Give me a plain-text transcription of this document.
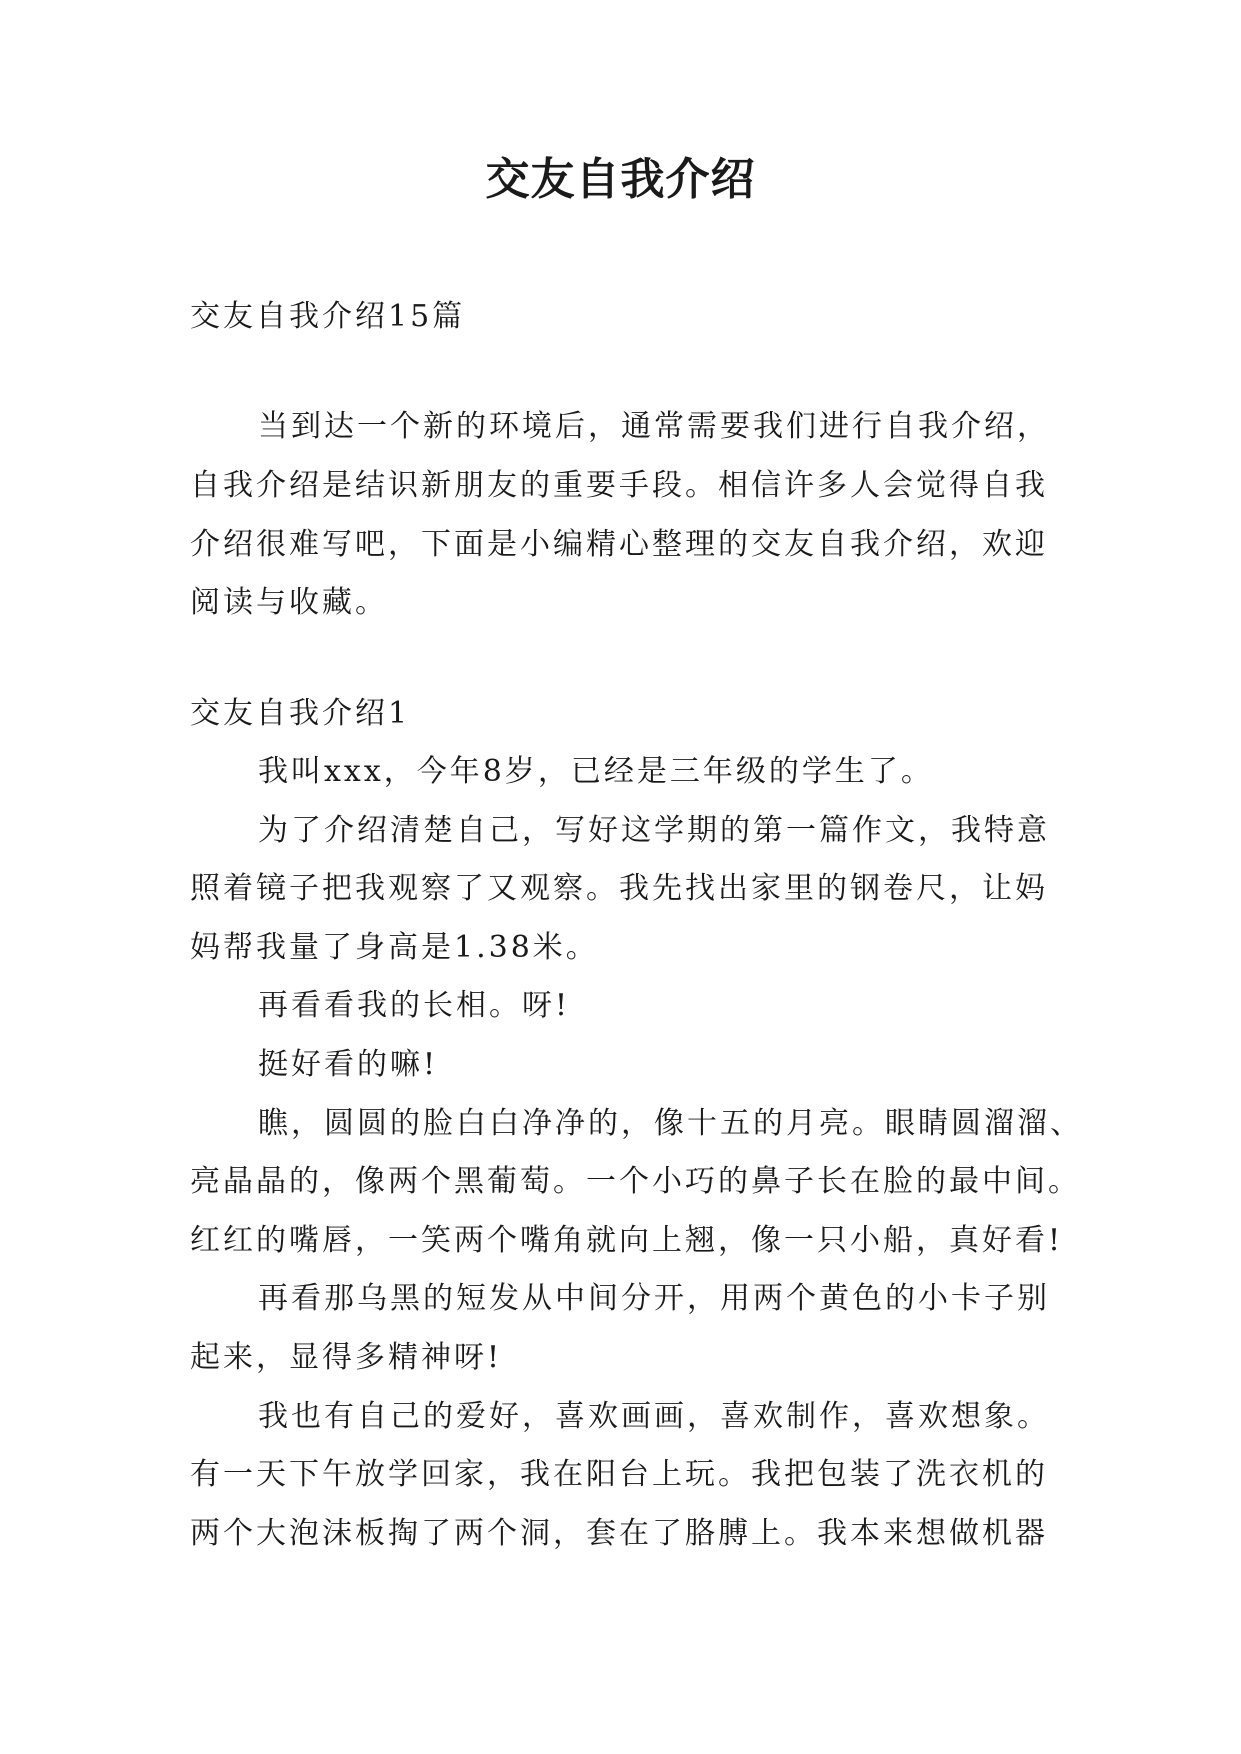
交友自我介绍
交友自我介绍15篇
当到达一个新的环境后，通常需要我们进行自我介绍，
自我介绍是结识新朋友的重要手段。相信许多人会觉得自我
介绍很难写吧，下面是小编精心整理的交友自我介绍，欢迎
阅读与收藏。
交友自我介绍1
我叫xxx，今年8岁，已经是三年级的学生了。
为了介绍清楚自己，写好这学期的第一篇作文，我特意
照着镜子把我观察了又观察。我先找出家里的钢卷尺，让妈
妈帮我量了身高是1.38米。
再看看我的长相。呀!
挺好看的嘛!
瞧，圆圆的脸白白净净的，像十五的月亮。眼睛圆溜溜、
亮晶晶的，像两个黑葡萄。一个小巧的鼻子长在脸的最中间。
红红的嘴唇，一笑两个嘴角就向上翘，像一只小船，真好看!
再看那乌黑的短发从中间分开，用两个黄色的小卡子别
起来，显得多精神呀!
我也有自己的爱好，喜欢画画，喜欢制作，喜欢想象。
有一天下午放学回家，我在阳台上玩。我把包装了洗衣机的
两个大泡沫板掏了两个洞，套在了胳膊上。我本来想做机器
